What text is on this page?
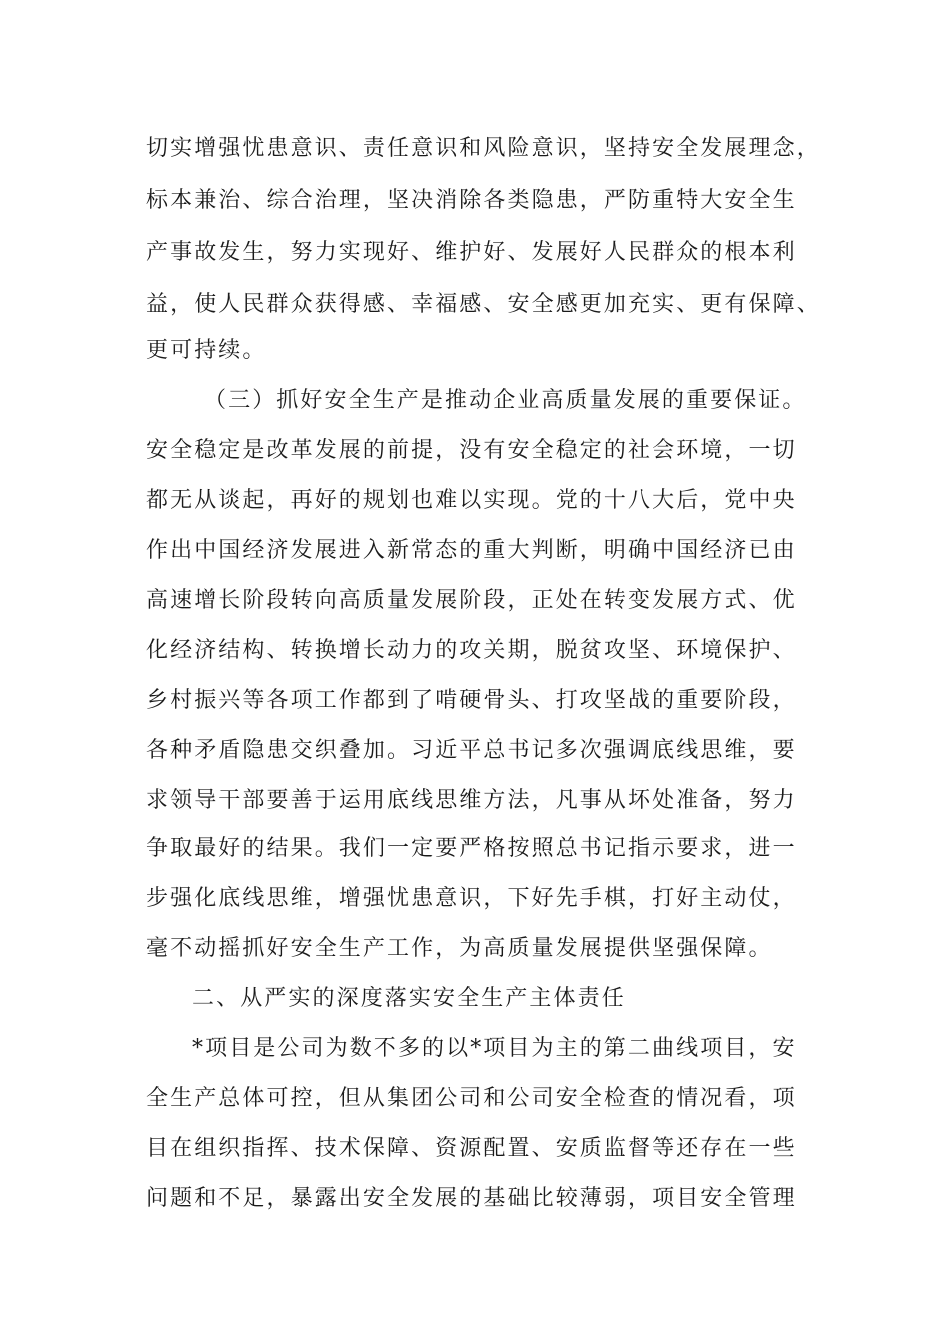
切实增强忧患意识、责任意识和风险意识，坚持安全发展理念，
标本兼治、综合治理，坚决消除各类隐患，严防重特大安全生
产事故发生，努力实现好、维护好、发展好人民群众的根本利
益，使人民群众获得感、幸福感、安全感更加充实、更有保障、
更可持续。
（三）抓好安全生产是推动企业高质量发展的重要保证。
安全稳定是改革发展的前提，没有安全稳定的社会环境，一切
都无从谈起，再好的规划也难以实现。党的十八大后，党中央
作出中国经济发展进入新常态的重大判断，明确中国经济已由
高速增长阶段转向高质量发展阶段，正处在转变发展方式、优
化经济结构、转换增长动力的攻关期，脱贫攻坚、环境保护、
乡村振兴等各项工作都到了啃硬骨头、打攻坚战的重要阶段，
各种矛盾隐患交织叠加。习近平总书记多次强调底线思维，要
求领导干部要善于运用底线思维方法，凡事从坏处准备，努力
争取最好的结果。我们一定要严格按照总书记指示要求，进一
步强化底线思维，增强忧患意识，下好先手棋，打好主动仗，
毫不动摇抓好安全生产工作，为高质量发展提供坚强保障。
二、从严实的深度落实安全生产主体责任
*项目是公司为数不多的以*项目为主的第二曲线项目，安
全生产总体可控，但从集团公司和公司安全检查的情况看，项
目在组织指挥、技术保障、资源配置、安质监督等还存在一些
问题和不足，暴露出安全发展的基础比较薄弱，项目安全管理
